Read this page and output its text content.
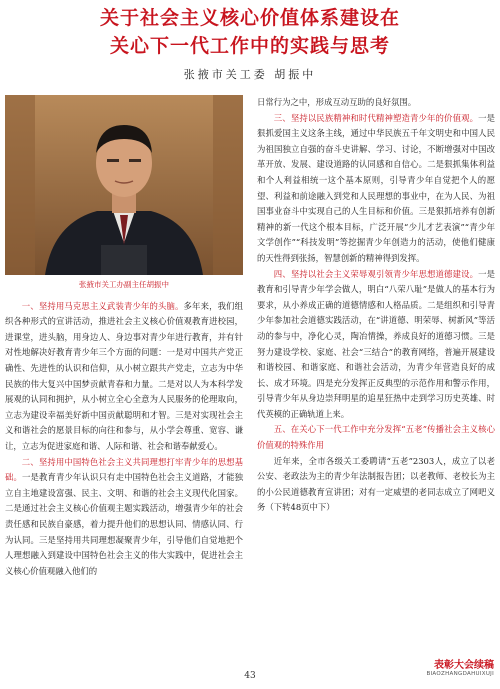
关于社会主义核心价值体系建设在
关心下一代工作中的实践与思考
张掖市关工委 胡振中
张掖市关工办副主任胡振中

一、坚持用马克思主义武装青少年的头脑。多年来，我们组织各种形式的宣讲活动，推进社会主义核心价值观教育进校园，进课堂，进头脑，用身边人、身边事对青少年进行教育，并有针对性地解决好教育青少年三个方面的问题：一是对中国共产党正确性、先进性的认识和信仰，从小树立跟共产党走，立志为中华民族的伟大复兴中国梦贡献青春和力量。二是对以人为本科学发展观的认同和拥护，从小树立全心全意为人民服务的伦理取向，立志为建设幸福美好新中国贡献聪明和才智。三是对实现社会主义和谐社会的愿景目标的向往和参与，从小学会尊重、宽容、谦让，立志为促进家庭和谐、人际和谐、社会和谐奉献爱心。

二、坚持用中国特色社会主义共同理想打牢青少年的思想基础。一是教育青少年认识只有走中国特色社会主义道路，才能独立自主地建设富强、民主、文明、和谐的社会主义现代化国家。二是通过社会主义核心价值观主题实践活动，增强青少年的社会责任感和民族自豪感，着力提升他们的思想认同、情感认同、行为认同。三是坚持用共同理想凝聚青少年，引导他们自觉地把个人理想融入到建设中国特色社会主义的伟大实践中，促进社会主义核心价值观融入他们的

日常行为之中，形成互动互助的良好氛围。

三、坚持以民族精神和时代精神塑造青少年的价值观。一是狠抓爱国主义这条主线，通过中华民族五千年文明史和中国人民为祖国独立自强的奋斗史讲解、学习、讨论，不断增强对中国改革开放、发展、建设道路的认同感和自信心。二是狠抓集体利益和个人利益相统一这个基本原则，引导青少年自觉把个人的愿望、利益和前途融入到党和人民理想的事业中，在为人民、为祖国事业奋斗中实现自己的人生目标和价值。三是狠抓培养有创新精神的新一代这个根本目标，广泛开展“少儿才艺表演”“青少年文学创作”“科技发明”等挖掘青少年创造力的活动，使他们健康的天性得到张扬，智慧创新的精神得到发挥。

四、坚持以社会主义荣辱观引领青少年思想道德建设。一是教育和引导青少年学会做人，明白“八荣八耻”是做人的基本行为要求，从小养成正确的道德情感和人格品质。二是组织和引导青少年参加社会道德实践活动，在“讲道德、明荣辱、树新风”等活动的参与中，净化心灵，陶冶情操，养成良好的道德习惯。三是努力建设学校、家庭、社会“三结合”的教育网络，普遍开展建设和谐校园、和谐家庭、和谐社会活动，为青少年营造良好的成长、成才环境。四是充分发挥正反典型的示范作用和警示作用，引导青少年从身边崇拜明星的追星狂热中走到学习历史英雄、时代英模的正确轨道上来。

五、在关心下一代工作中充分发挥“五老”传播社会主义核心价值观的特殊作用

近年来，全市各级关工委聘请“五老”2303人，成立了以老公安、老政法为主的青少年法制报告团；以老教师、老校长为主的小公民道德教育宣讲团；对有一定威望的老同志成立了网吧义务（下转48页中下）

43
表彰大会续稿
BIAOZHANGDAHUIXUJI
